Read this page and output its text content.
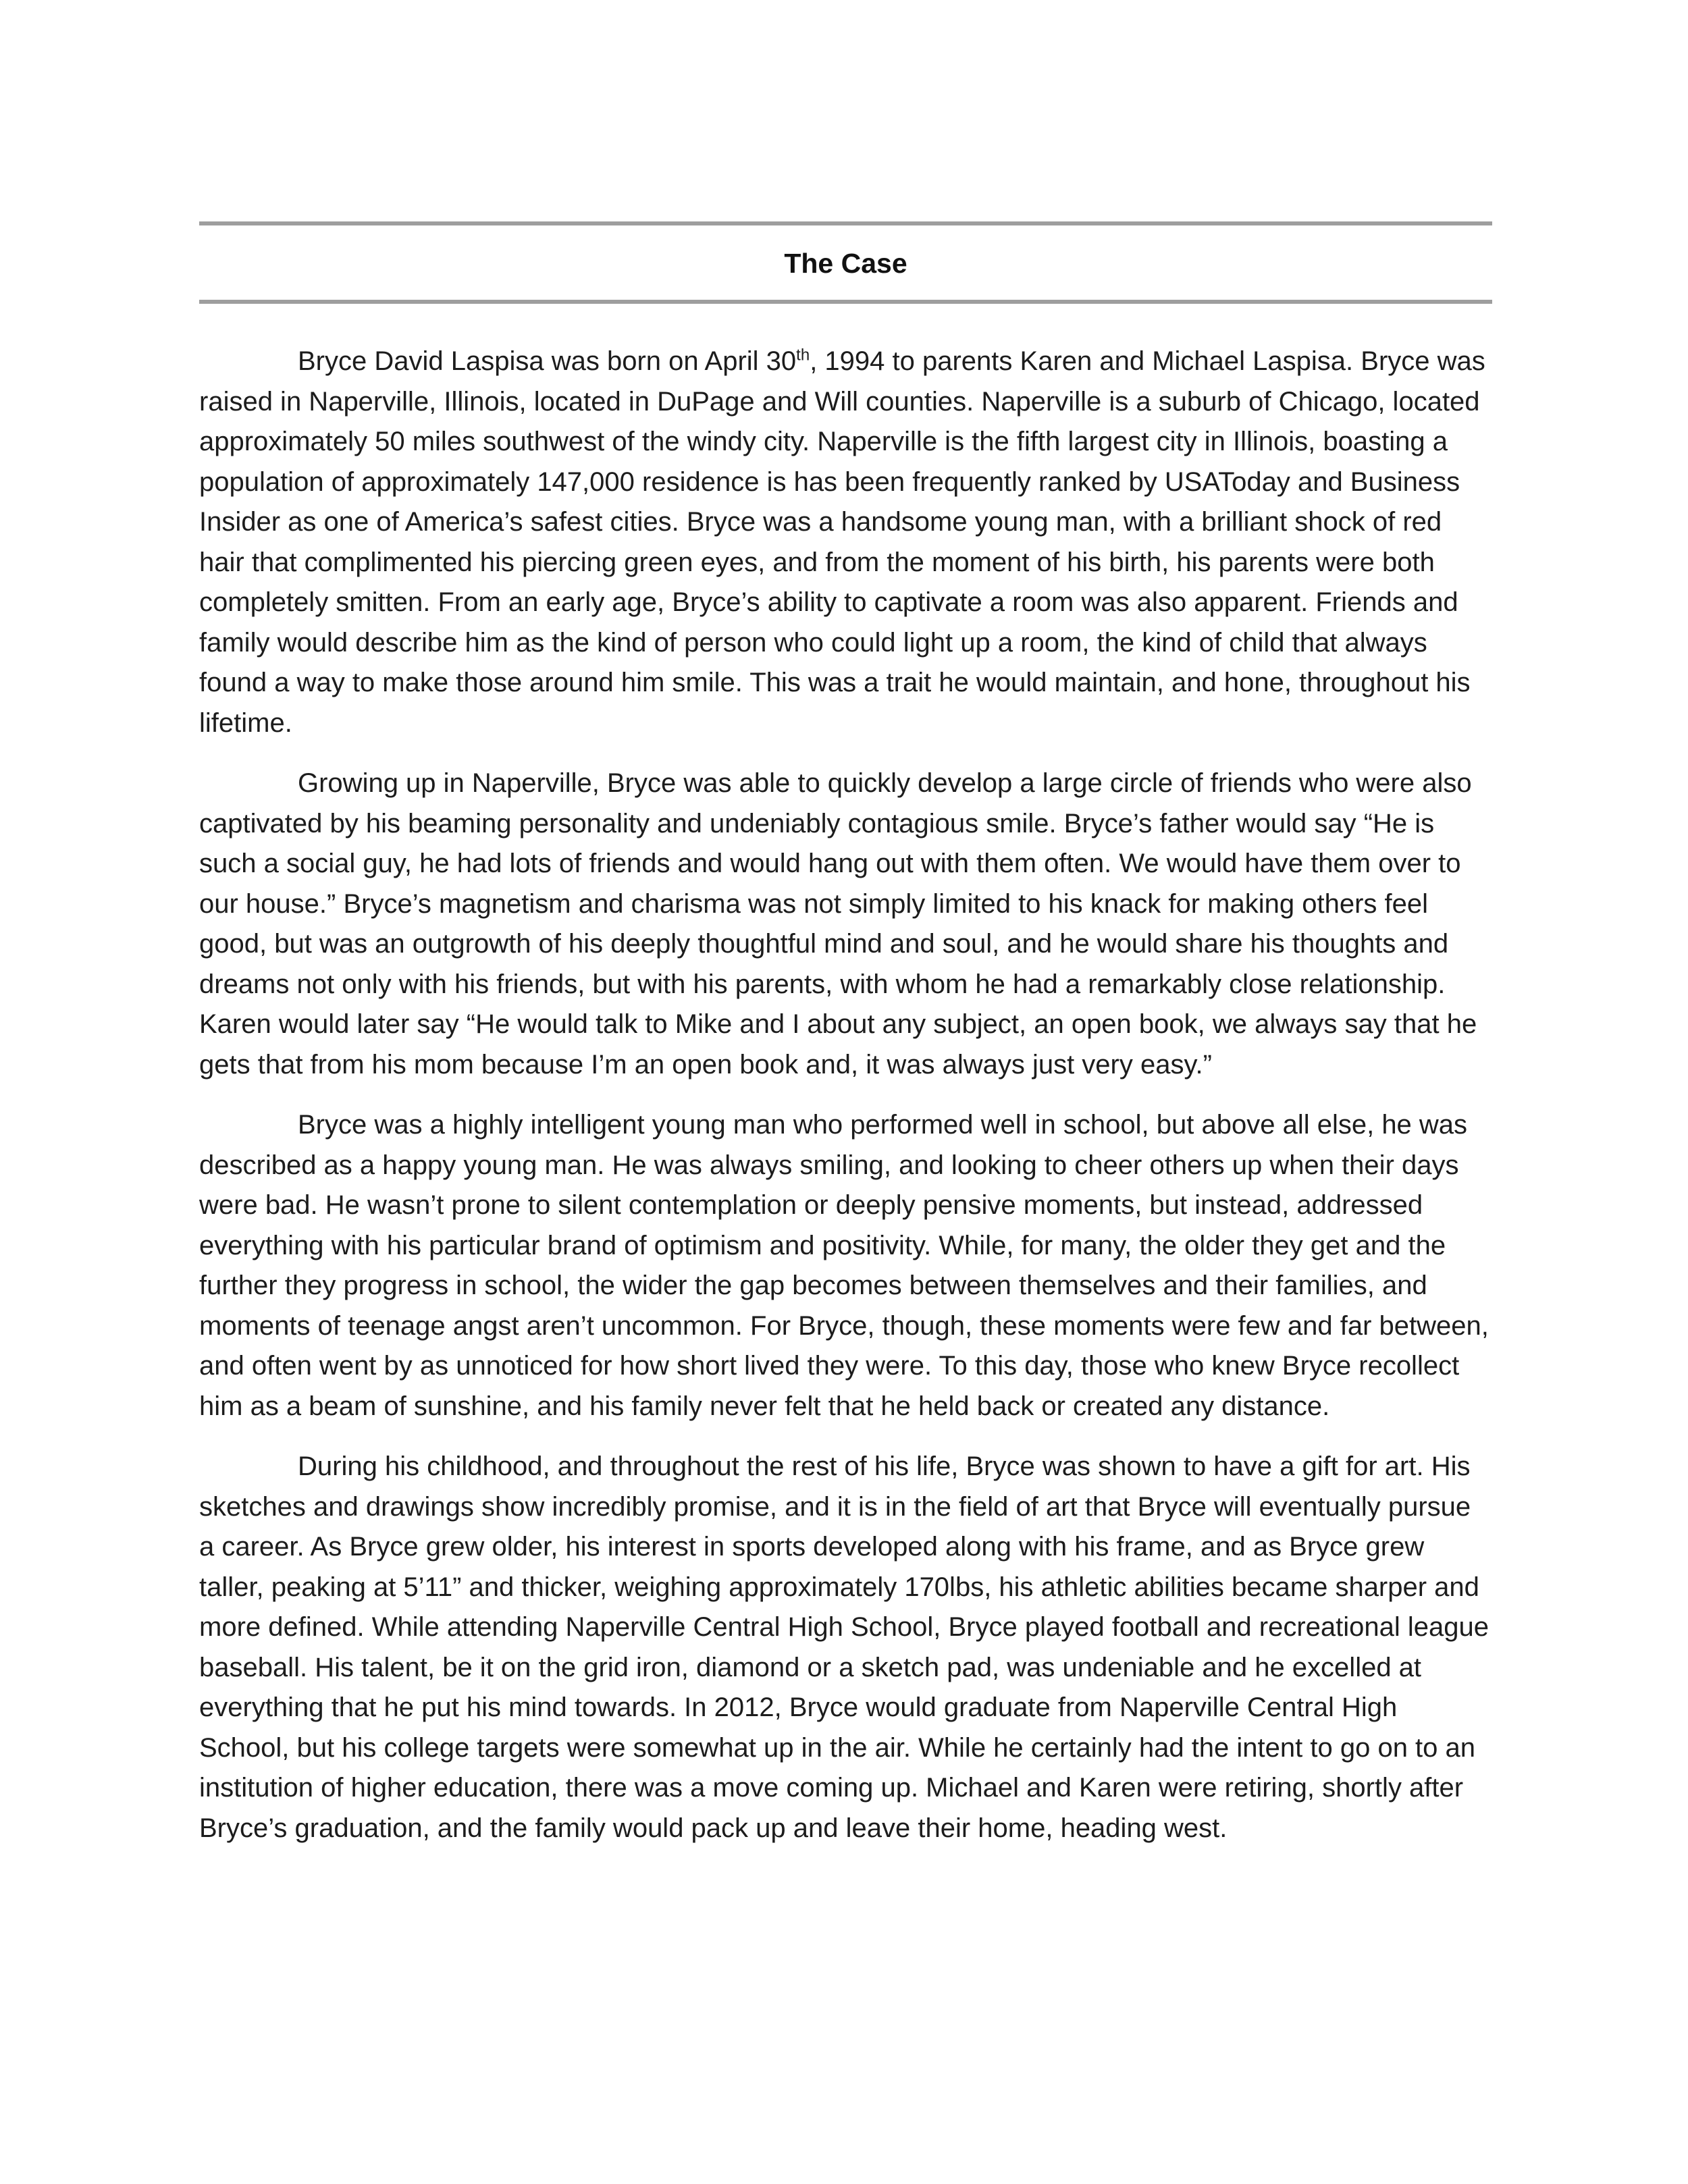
The Case

Bryce David Laspisa was born on April 30th, 1994 to parents Karen and Michael Laspisa. Bryce was raised in Naperville, Illinois, located in DuPage and Will counties. Naperville is a suburb of Chicago, located approximately 50 miles southwest of the windy city. Naperville is the fifth largest city in Illinois, boasting a population of approximately 147,000 residence is has been frequently ranked by USAToday and Business Insider as one of America’s safest cities. Bryce was a handsome young man, with a brilliant shock of red hair that complimented his piercing green eyes, and from the moment of his birth, his parents were both completely smitten. From an early age, Bryce’s ability to captivate a room was also apparent. Friends and family would describe him as the kind of person who could light up a room, the kind of child that always found a way to make those around him smile. This was a trait he would maintain, and hone, throughout his lifetime.

Growing up in Naperville, Bryce was able to quickly develop a large circle of friends who were also captivated by his beaming personality and undeniably contagious smile. Bryce’s father would say “He is such a social guy, he had lots of friends and would hang out with them often. We would have them over to our house.” Bryce’s magnetism and charisma was not simply limited to his knack for making others feel good, but was an outgrowth of his deeply thoughtful mind and soul, and he would share his thoughts and dreams not only with his friends, but with his parents, with whom he had a remarkably close relationship. Karen would later say “He would talk to Mike and I about any subject, an open book, we always say that he gets that from his mom because I’m an open book and, it was always just very easy.”

Bryce was a highly intelligent young man who performed well in school, but above all else, he was described as a happy young man. He was always smiling, and looking to cheer others up when their days were bad. He wasn’t prone to silent contemplation or deeply pensive moments, but instead, addressed everything with his particular brand of optimism and positivity. While, for many, the older they get and the further they progress in school, the wider the gap becomes between themselves and their families, and moments of teenage angst aren’t uncommon. For Bryce, though, these moments were few and far between, and often went by as unnoticed for how short lived they were. To this day, those who knew Bryce recollect him as a beam of sunshine, and his family never felt that he held back or created any distance.

During his childhood, and throughout the rest of his life, Bryce was shown to have a gift for art. His sketches and drawings show incredibly promise, and it is in the field of art that Bryce will eventually pursue a career. As Bryce grew older, his interest in sports developed along with his frame, and as Bryce grew taller, peaking at 5’11” and thicker, weighing approximately 170lbs, his athletic abilities became sharper and more defined. While attending Naperville Central High School, Bryce played football and recreational league baseball. His talent, be it on the grid iron, diamond or a sketch pad, was undeniable and he excelled at everything that he put his mind towards. In 2012, Bryce would graduate from Naperville Central High School, but his college targets were somewhat up in the air. While he certainly had the intent to go on to an institution of higher education, there was a move coming up. Michael and Karen were retiring, shortly after Bryce’s graduation, and the family would pack up and leave their home, heading west.
